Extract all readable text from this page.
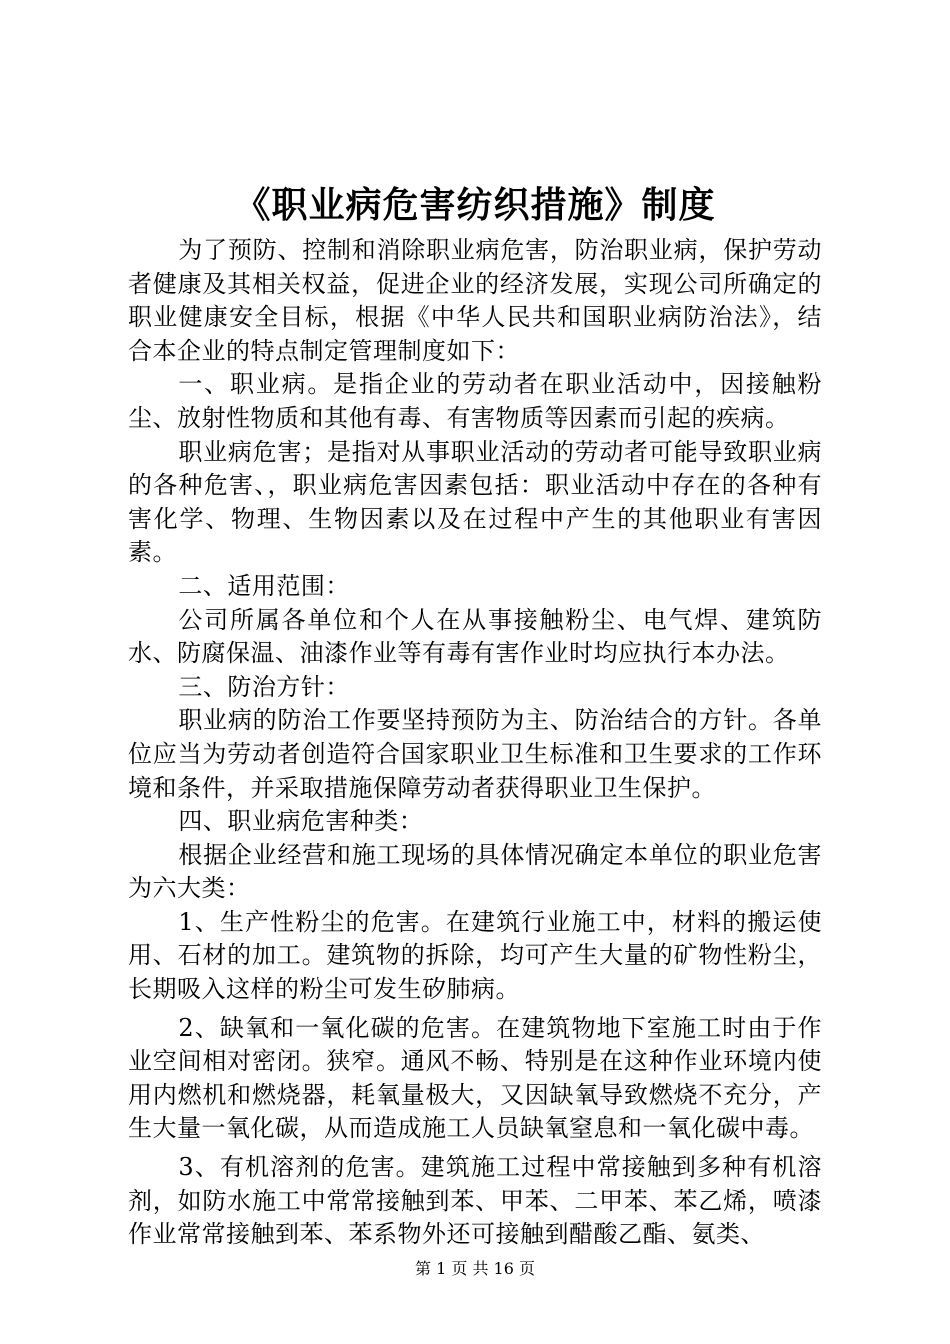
《职业病危害纺织措施》制度

为了预防、控制和消除职业病危害，防治职业病，保护劳动者健康及其相关权益，促进企业的经济发展，实现公司所确定的职业健康安全目标，根据《中华人民共和国职业病防治法》，结合本企业的特点制定管理制度如下：

一、职业病。是指企业的劳动者在职业活动中，因接触粉尘、放射性物质和其他有毒、有害物质等因素而引起的疾病。

职业病危害；是指对从事职业活动的劳动者可能导致职业病的各种危害、，职业病危害因素包括：职业活动中存在的各种有害化学、物理、生物因素以及在过程中产生的其他职业有害因素。

二、适用范围：

公司所属各单位和个人在从事接触粉尘、电气焊、建筑防水、防腐保温、油漆作业等有毒有害作业时均应执行本办法。

三、防治方针：

职业病的防治工作要坚持预防为主、防治结合的方针。各单位应当为劳动者创造符合国家职业卫生标准和卫生要求的工作环境和条件，并采取措施保障劳动者获得职业卫生保护。

四、职业病危害种类：

根据企业经营和施工现场的具体情况确定本单位的职业危害为六大类：

1、生产性粉尘的危害。在建筑行业施工中，材料的搬运使用、石材的加工。建筑物的拆除，均可产生大量的矿物性粉尘，长期吸入这样的粉尘可发生矽肺病。

2、缺氧和一氧化碳的危害。在建筑物地下室施工时由于作业空间相对密闭。狭窄。通风不畅、特别是在这种作业环境内使用内燃机和燃烧器，耗氧量极大，又因缺氧导致燃烧不充分，产生大量一氧化碳，从而造成施工人员缺氧窒息和一氧化碳中毒。

3、有机溶剂的危害。建筑施工过程中常接触到多种有机溶剂，如防水施工中常常接触到苯、甲苯、二甲苯、苯乙烯，喷漆作业常常接触到苯、苯系物外还可接触到醋酸乙酯、氨类、

第 1 页 共 16 页
